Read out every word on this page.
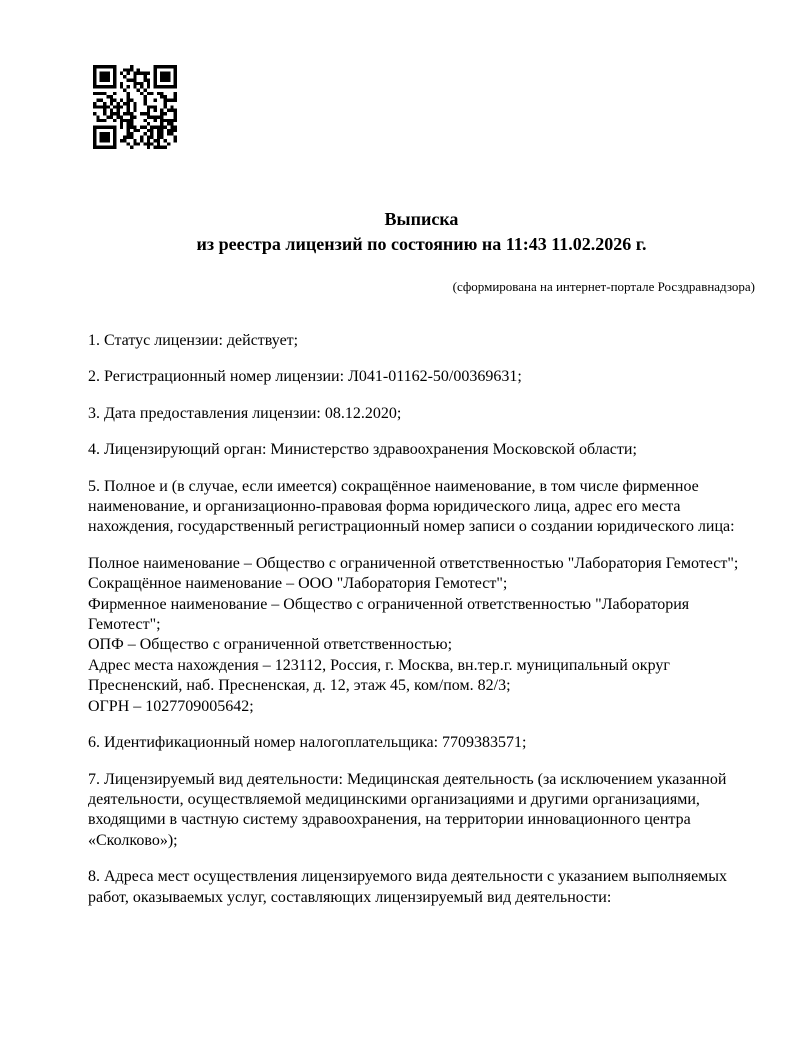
Выписка
из реестра лицензий по состоянию на 11:43 11.02.2026 г.
(сформирована на интернет-портале Росздравнадзора)
1. Статус лицензии: действует;
2. Регистрационный номер лицензии: Л041-01162-50/00369631;
3. Дата предоставления лицензии: 08.12.2020;
4. Лицензирующий орган: Министерство здравоохранения Московской области;
5. Полное и (в случае, если имеется) сокращённое наименование, в том числе фирменное наименование, и организационно-правовая форма юридического лица, адрес его места нахождения, государственный регистрационный номер записи о создании юридического лица:
Полное наименование – Общество с ограниченной ответственностью "Лаборатория Гемотест";
Сокращённое наименование – ООО "Лаборатория Гемотест";
Фирменное наименование – Общество с ограниченной ответственностью "Лаборатория Гемотест";
ОПФ – Общество с ограниченной ответственностью;
Адрес места нахождения – 123112, Россия, г. Москва, вн.тер.г. муниципальный округ Пресненский, наб. Пресненская, д. 12, этаж 45, ком/пом. 82/3;
ОГРН – 1027709005642;
6. Идентификационный номер налогоплательщика: 7709383571;
7. Лицензируемый вид деятельности: Медицинская деятельность (за исключением указанной деятельности, осуществляемой медицинскими организациями и другими организациями, входящими в частную систему здравоохранения, на территории инновационного центра «Сколково»);
8. Адреса мест осуществления лицензируемого вида деятельности с указанием выполняемых работ, оказываемых услуг, составляющих лицензируемый вид деятельности:
